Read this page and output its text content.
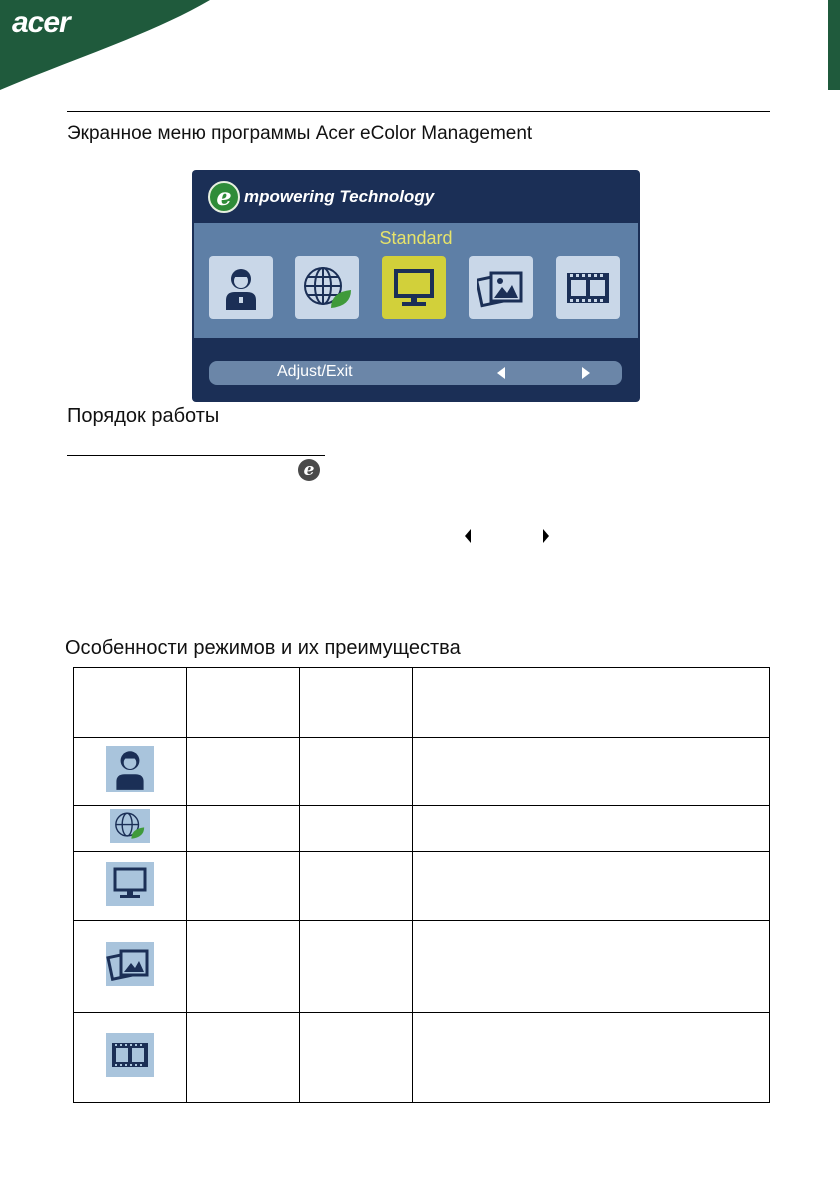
acer
Экранное меню программы Acer eColor Management
e mpowering Technology
Standard
Adjust/Exit
Порядок работы
e
Особенности режимов и их преимущества
